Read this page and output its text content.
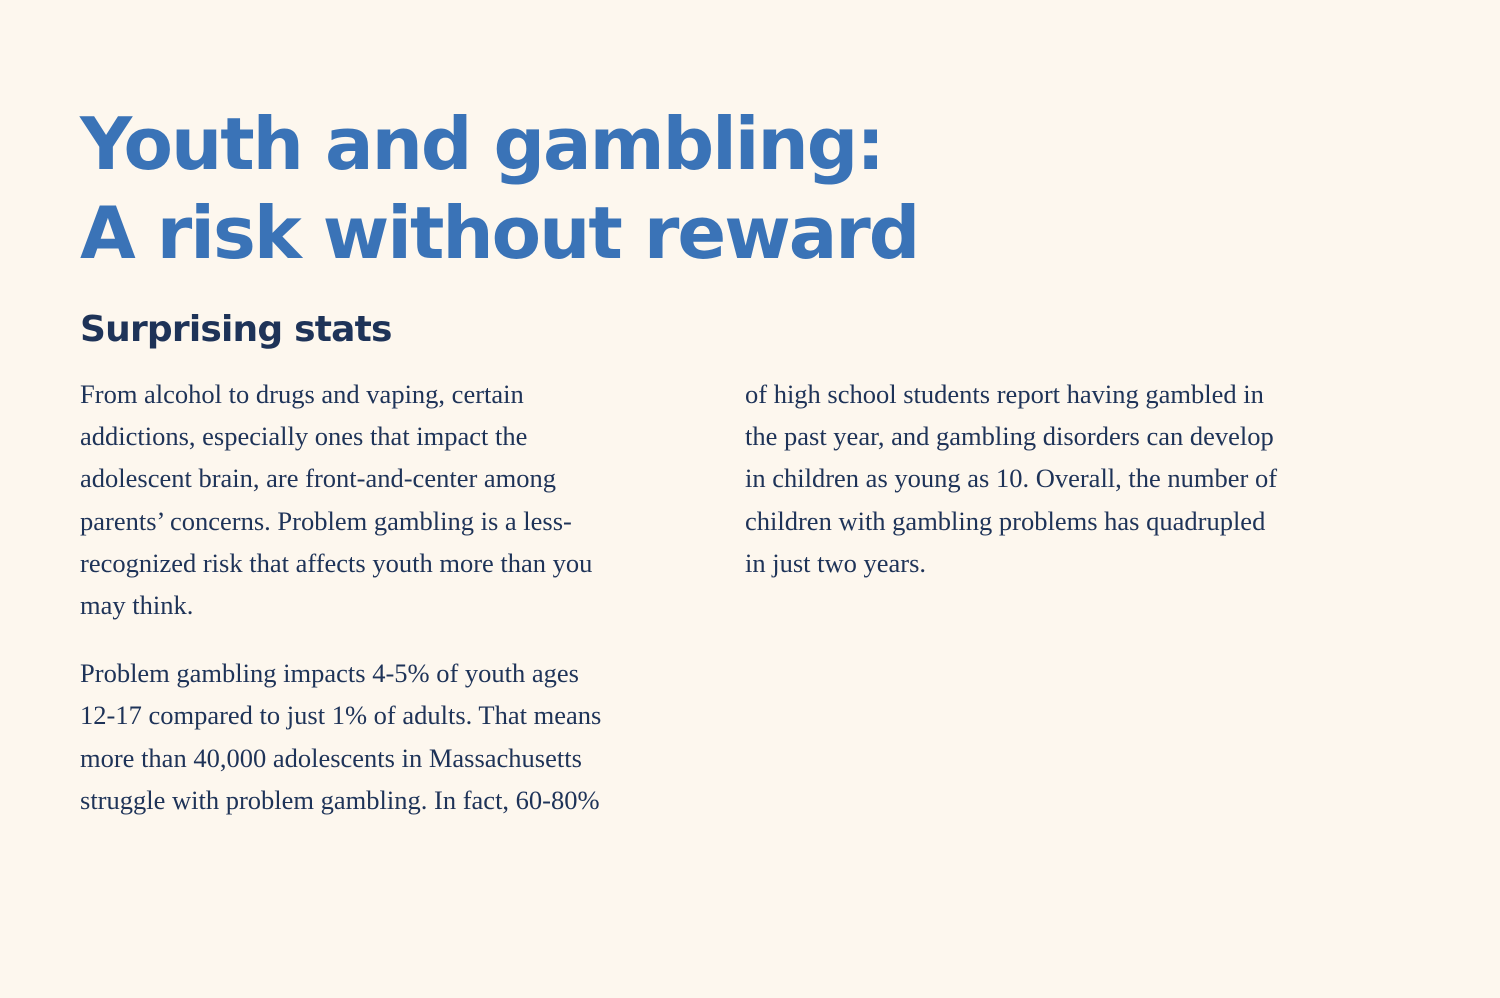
Youth and gambling:
A risk without reward
Surprising stats

From alcohol to drugs and vaping, certain
addictions, especially ones that impact the
adolescent brain, are front-and-center among
parents’ concerns. Problem gambling is a less-
recognized risk that affects youth more than you
may think.

Problem gambling impacts 4-5% of youth ages
12-17 compared to just 1% of adults. That means
more than 40,000 adolescents in Massachusetts
struggle with problem gambling. In fact, 60-80%

of high school students report having gambled in
the past year, and gambling disorders can develop
in children as young as 10. Overall, the number of
children with gambling problems has quadrupled
in just two years.
